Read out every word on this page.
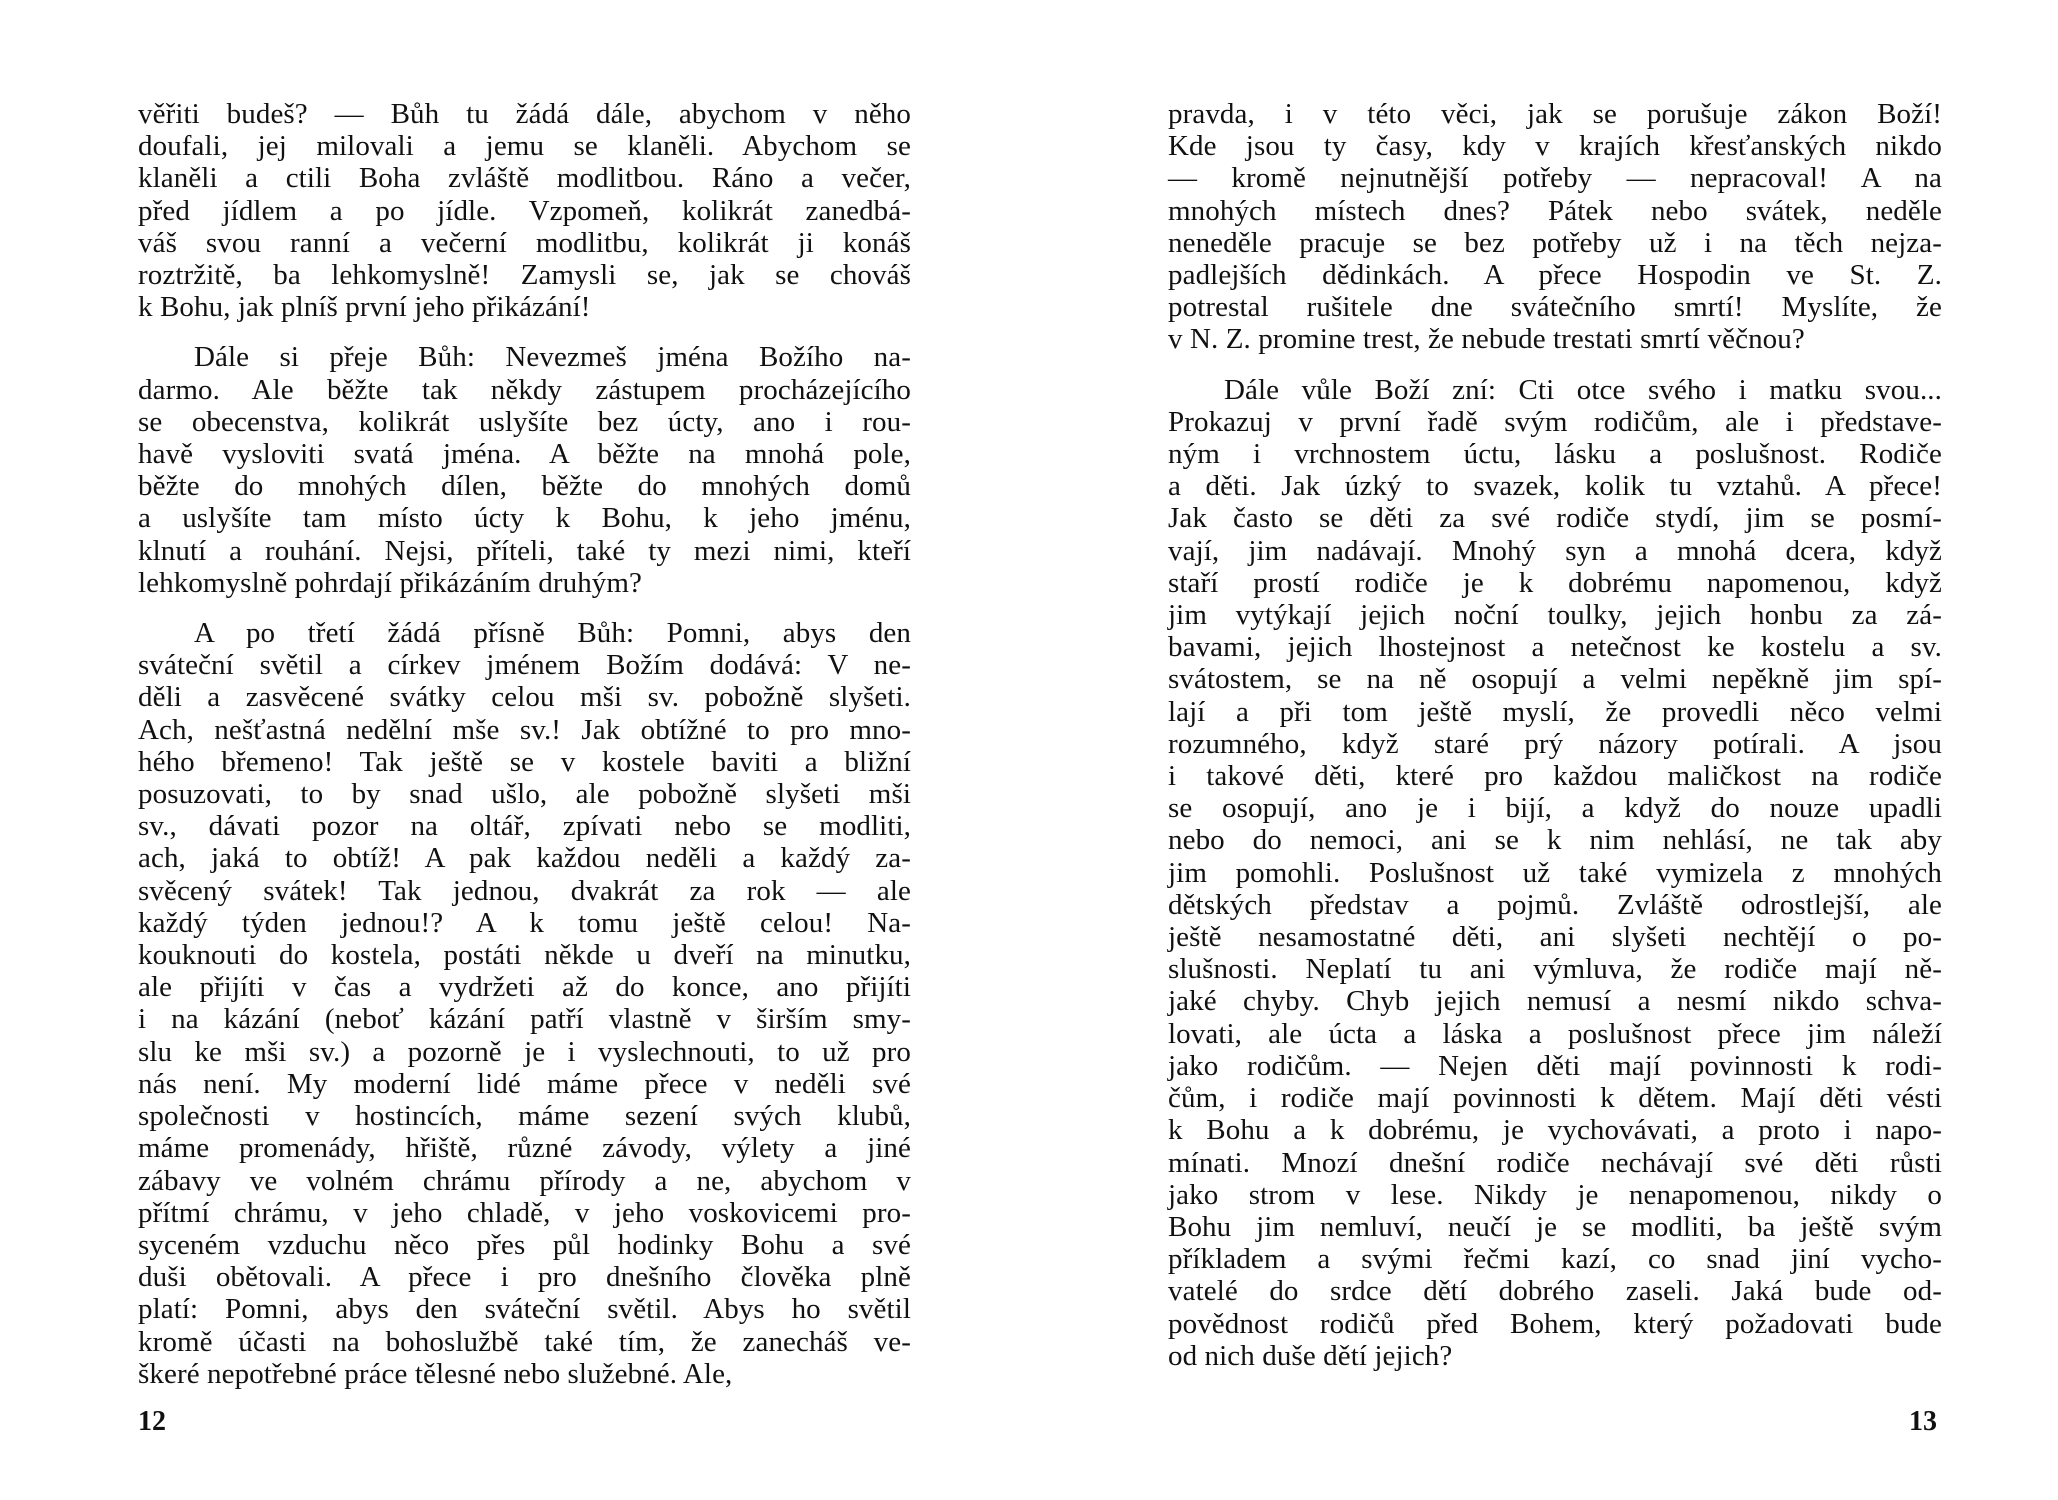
věřiti budeš? — Bůh tu žádá dále, abychom v něho
doufali, jej milovali a jemu se klaněli. Abychom se
klaněli a ctili Boha zvláště modlitbou. Ráno a večer,
před jídlem a po jídle. Vzpomeň, kolikrát zanedbá-
váš svou ranní a večerní modlitbu, kolikrát ji konáš
roztržitě, ba lehkomyslně! Zamysli se, jak se chováš
k Bohu, jak plníš první jeho přikázání!
Dále si přeje Bůh: Nevezmeš jména Božího na-
darmo. Ale běžte tak někdy zástupem procházejícího
se obecenstva, kolikrát uslyšíte bez úcty, ano i rou-
havě vysloviti svatá jména. A běžte na mnohá pole,
běžte do mnohých dílen, běžte do mnohých domů
a uslyšíte tam místo úcty k Bohu, k jeho jménu,
klnutí a rouhání. Nejsi, příteli, také ty mezi nimi, kteří
lehkomyslně pohrdají přikázáním druhým?
A po třetí žádá přísně Bůh: Pomni, abys den
sváteční světil a církev jménem Božím dodává: V ne-
děli a zasvěcené svátky celou mši sv. pobožně slyšeti.
Ach, nešťastná nedělní mše sv.! Jak obtížné to pro mno-
hého břemeno! Tak ještě se v kostele baviti a bližní
posuzovati, to by snad ušlo, ale pobožně slyšeti mši
sv., dávati pozor na oltář, zpívati nebo se modliti,
ach, jaká to obtíž! A pak každou neděli a každý za-
svěcený svátek! Tak jednou, dvakrát za rok — ale
každý týden jednou!? A k tomu ještě celou! Na-
kouknouti do kostela, postáti někde u dveří na minutku,
ale přijíti v čas a vydržeti až do konce, ano přijíti
i na kázání (neboť kázání patří vlastně v širším smy-
slu ke mši sv.) a pozorně je i vyslechnouti, to už pro
nás není. My moderní lidé máme přece v neděli své
společnosti v hostincích, máme sezení svých klubů,
máme promenády, hřiště, různé závody, výlety a jiné
zábavy ve volném chrámu přírody a ne, abychom v
přítmí chrámu, v jeho chladě, v jeho voskovicemi pro-
syceném vzduchu něco přes půl hodinky Bohu a své
duši obětovali. A přece i pro dnešního člověka plně
platí: Pomni, abys den sváteční světil. Abys ho světil
kromě účasti na bohoslužbě také tím, že zanecháš ve-
škeré nepotřebné práce tělesné nebo služebné. Ale,
12
pravda, i v této věci, jak se porušuje zákon Boží!
Kde jsou ty časy, kdy v krajích křesťanských nikdo
— kromě nejnutnější potřeby — nepracoval! A na
mnohých místech dnes? Pátek nebo svátek, neděle
neneděle pracuje se bez potřeby už i na těch nejza-
padlejších dědinkách. A přece Hospodin ve St. Z.
potrestal rušitele dne svátečního smrtí! Myslíte, že
v N. Z. promine trest, že nebude trestati smrtí věčnou?
Dále vůle Boží zní: Cti otce svého i matku svou...
Prokazuj v první řadě svým rodičům, ale i představe-
ným i vrchnostem úctu, lásku a poslušnost. Rodiče
a děti. Jak úzký to svazek, kolik tu vztahů. A přece!
Jak často se děti za své rodiče stydí, jim se posmí-
vají, jim nadávají. Mnohý syn a mnohá dcera, když
staří prostí rodiče je k dobrému napomenou, když
jim vytýkají jejich noční toulky, jejich honbu za zá-
bavami, jejich lhostejnost a netečnost ke kostelu a sv.
svátostem, se na ně osopují a velmi nepěkně jim spí-
lají a při tom ještě myslí, že provedli něco velmi
rozumného, když staré prý názory potírali. A jsou
i takové děti, které pro každou maličkost na rodiče
se osopují, ano je i bijí, a když do nouze upadli
nebo do nemoci, ani se k nim nehlásí, ne tak aby
jim pomohli. Poslušnost už také vymizela z mnohých
dětských představ a pojmů. Zvláště odrostlejší, ale
ještě nesamostatné děti, ani slyšeti nechtějí o po-
slušnosti. Neplatí tu ani výmluva, že rodiče mají ně-
jaké chyby. Chyb jejich nemusí a nesmí nikdo schva-
lovati, ale úcta a láska a poslušnost přece jim náleží
jako rodičům. — Nejen děti mají povinnosti k rodi-
čům, i rodiče mají povinnosti k dětem. Mají děti vésti
k Bohu a k dobrému, je vychovávati, a proto i napo-
mínati. Mnozí dnešní rodiče nechávají své děti růsti
jako strom v lese. Nikdy je nenapomenou, nikdy o
Bohu jim nemluví, neučí je se modliti, ba ještě svým
příkladem a svými řečmi kazí, co snad jiní vycho-
vatelé do srdce dětí dobrého zaseli. Jaká bude od-
povědnost rodičů před Bohem, který požadovati bude
od nich duše dětí jejich?
13
